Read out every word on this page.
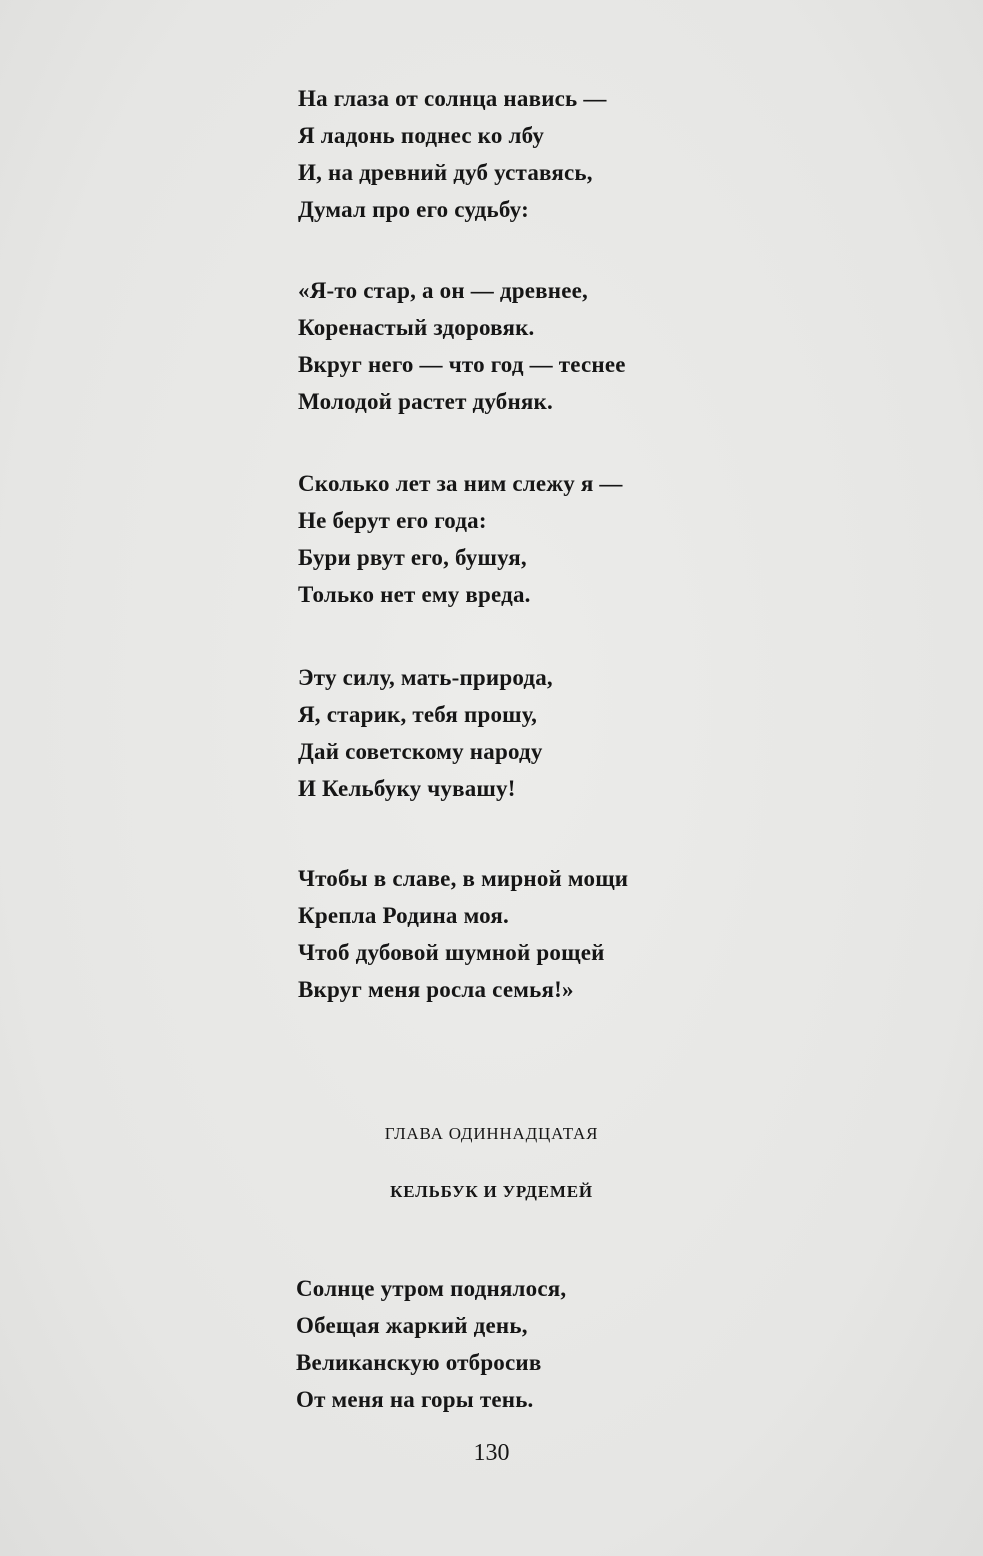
На глаза от солнца навись —
Я ладонь поднес ко лбу
И, на древний дуб уставясь,
Думал про его судьбу:
«Я-то стар, а он — древнее,
Коренастый здоровяк.
Вкруг него — что год — теснее
Молодой растет дубняк.
Сколько лет за ним слежу я —
Не берут его года:
Бури рвут его, бушуя,
Только нет ему вреда.
Эту силу, мать-природа,
Я, старик, тебя прошу,
Дай советскому народу
И Кельбуку чувашу!
Чтобы в славе, в мирной мощи
Крепла Родина моя.
Чтоб дубовой шумной рощей
Вкруг меня росла семья!»
ГЛАВА ОДИННАДЦАТАЯ
КЕЛЬБУК И УРДЕМЕЙ
Солнце утром поднялося,
Обещая жаркий день,
Великанскую отбросив
От меня на горы тень.
130
